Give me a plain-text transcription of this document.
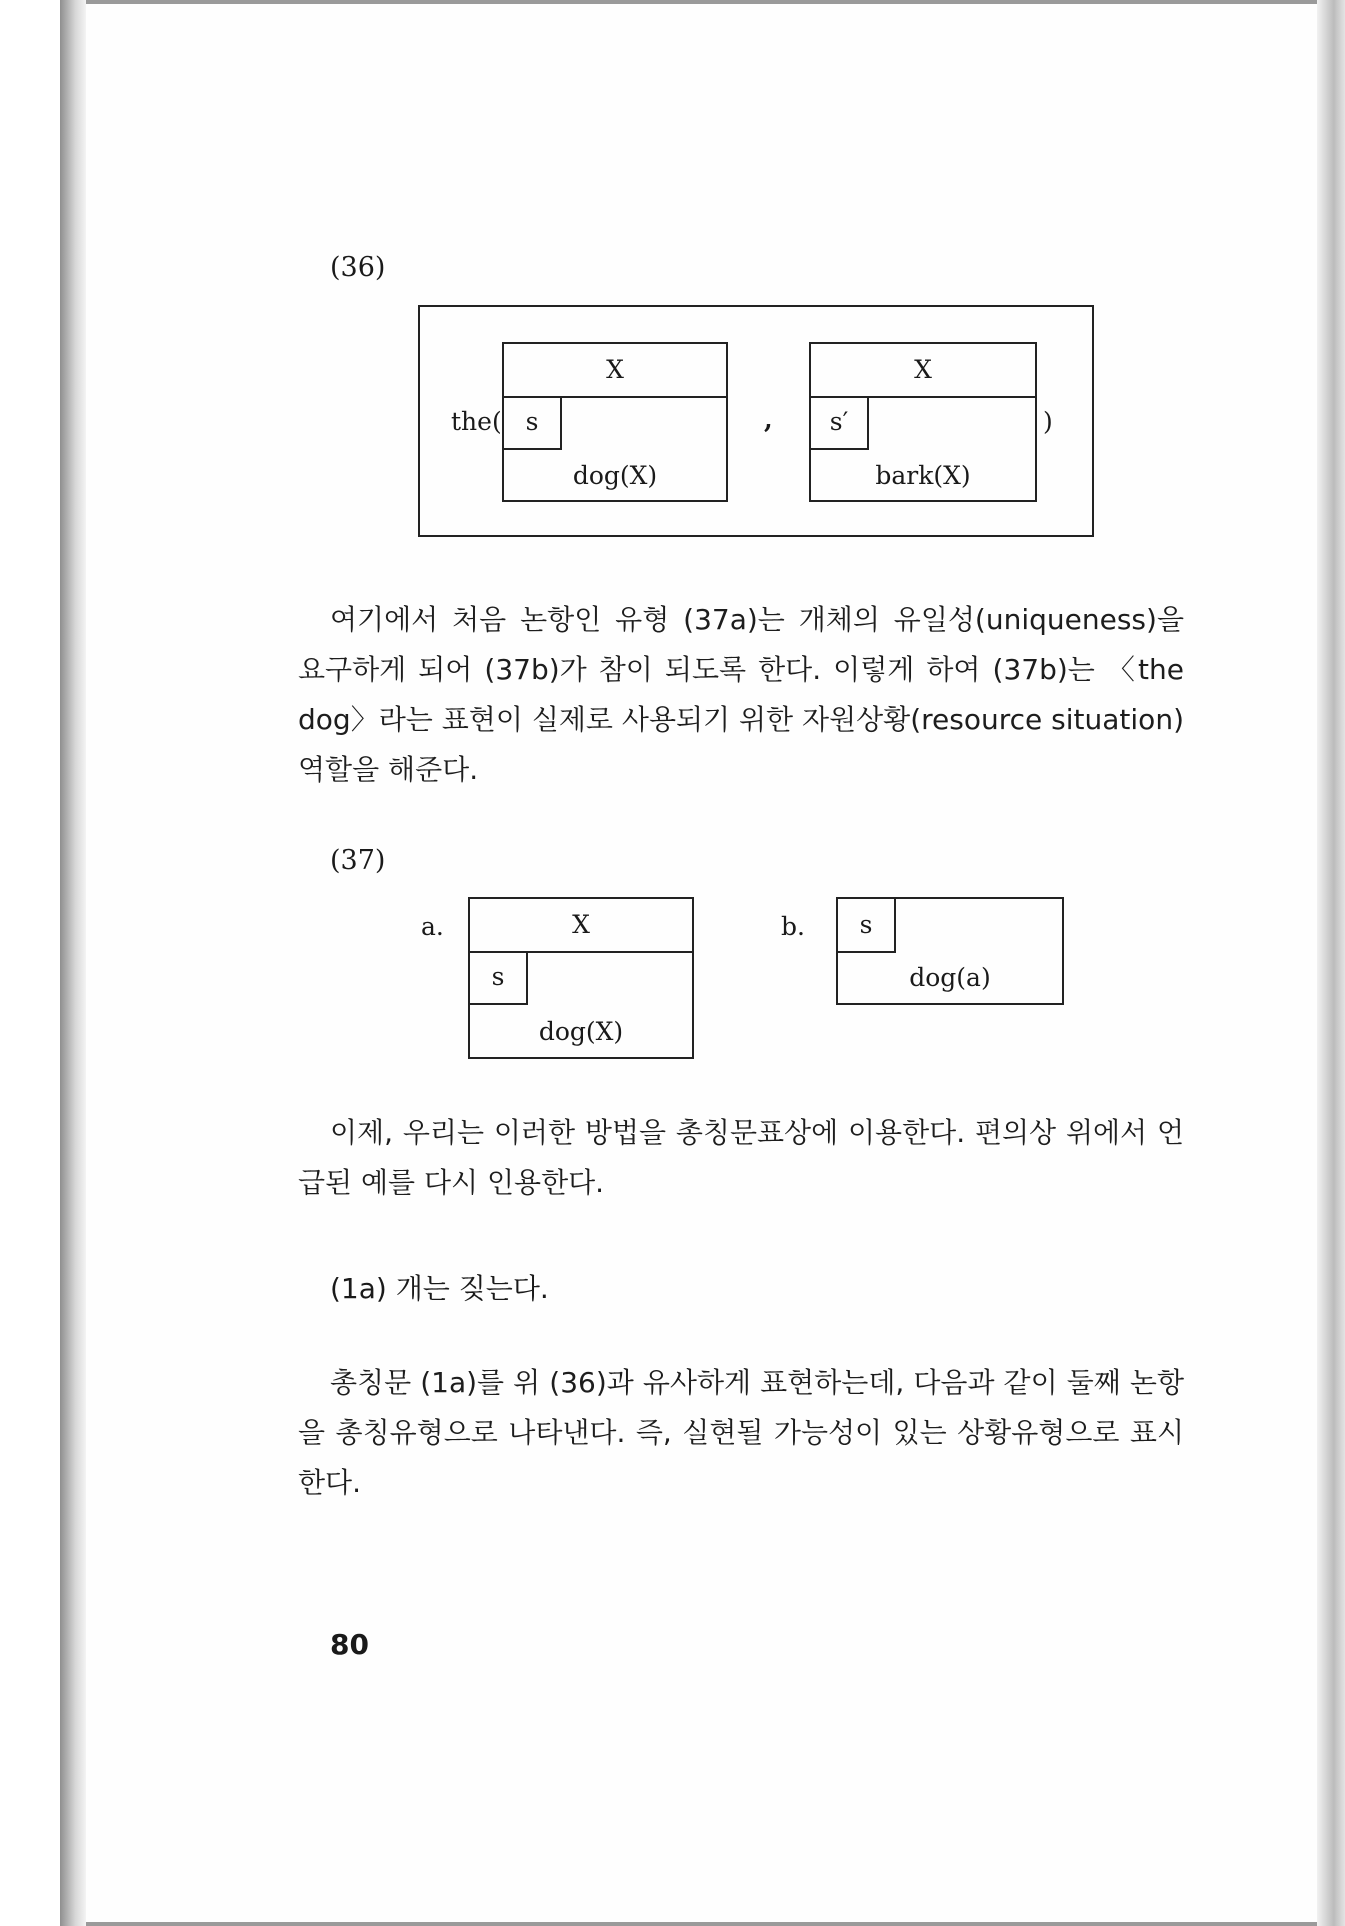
(36)
the(
X
s
dog(X)
,
X
s′
bark(X)
)

여기에서 처음 논항인 유형 (37a)는 개체의 유일성(uniqueness)을 요구하게 되어 (37b)가 참이 되도록 한다. 이렇게 하여 (37b)는 〈the dog〉라는 표현이 실제로 사용되기 위한 자원상황(resource situation) 역할을 해준다.

(37)
a.	X
s
dog(X)
b.	s
dog(a)

이제, 우리는 이러한 방법을 총칭문표상에 이용한다. 편의상 위에서 언급된 예를 다시 인용한다.

(1a) 개는 짖는다.

총칭문 (1a)를 위 (36)과 유사하게 표현하는데, 다음과 같이 둘째 논항을 총칭유형으로 나타낸다. 즉, 실현될 가능성이 있는 상황유형으로 표시한다.

80
